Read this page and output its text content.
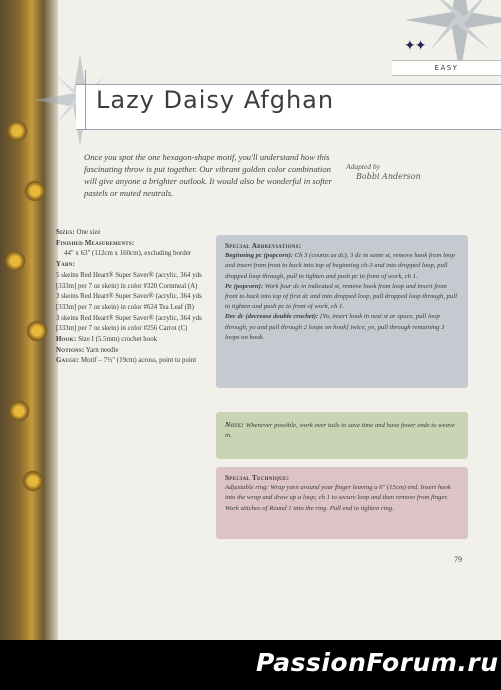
✦✦
EASY
Lazy Daisy Afghan
Once you spot the one hexagon-shape motif, you'll understand how this fascinating throw is put together. Our vibrant golden color combination will give anyone a brighter outlook. It would also be wonderful in softer pastels or muted neutrals.
Adapted by
Bobbi Anderson
Sizes: One size
Finished Measurements:
44" x 63" (112cm x 160cm), excluding border
Yarn:
5 skeins Red Heart® Super Saver® (acrylic, 364 yds [333m] per 7 oz skein) in color #320 Cornmeal (A)
3 skeins Red Heart® Super Saver® (acrylic, 364 yds [333m] per 7 oz skein) in color #624 Tea Leaf (B)
3 skeins Red Heart® Super Saver® (acrylic, 364 yds [333m] per 7 oz skein) in color #256 Carrot (C)
Hook: Size I (5.5mm) crochet hook
Notions: Yarn needle
Gauge: Motif – 7½" (19cm) across, point to point
Special Abbreviations:

Beginning pc (popcorn): Ch 3 (counts as dc), 3 dc in same st, remove hook from loop and insert from front to back into top of beginning ch-3 and into dropped loop, pull dropped loop through, pull to tighten and push pc to front of work, ch 1.

Pc (popcorn): Work four dc in indicated st, remove hook from loop and insert from front to back into top of first dc and into dropped loop, pull dropped loop through, pull to tighten and push pc to front of work, ch 1.

Dec dc (decrease double crochet): [Yo, insert hook in next st or space, pull loop through, yo and pull through 2 loops on hook] twice, yo, pull through remaining 3 loops on hook.

Note: Whenever possible, work over tails to save time and have fewer ends to weave in.

Special Technique:

Adjustable ring: Wrap yarn around your finger leaving a 6" (15cm) end. Insert hook into the wrap and draw up a loop; ch 1 to secure loop and then remove from finger. Work stitches of Round 1 into the ring. Pull end to tighten ring.

79
PassionForum.ru
